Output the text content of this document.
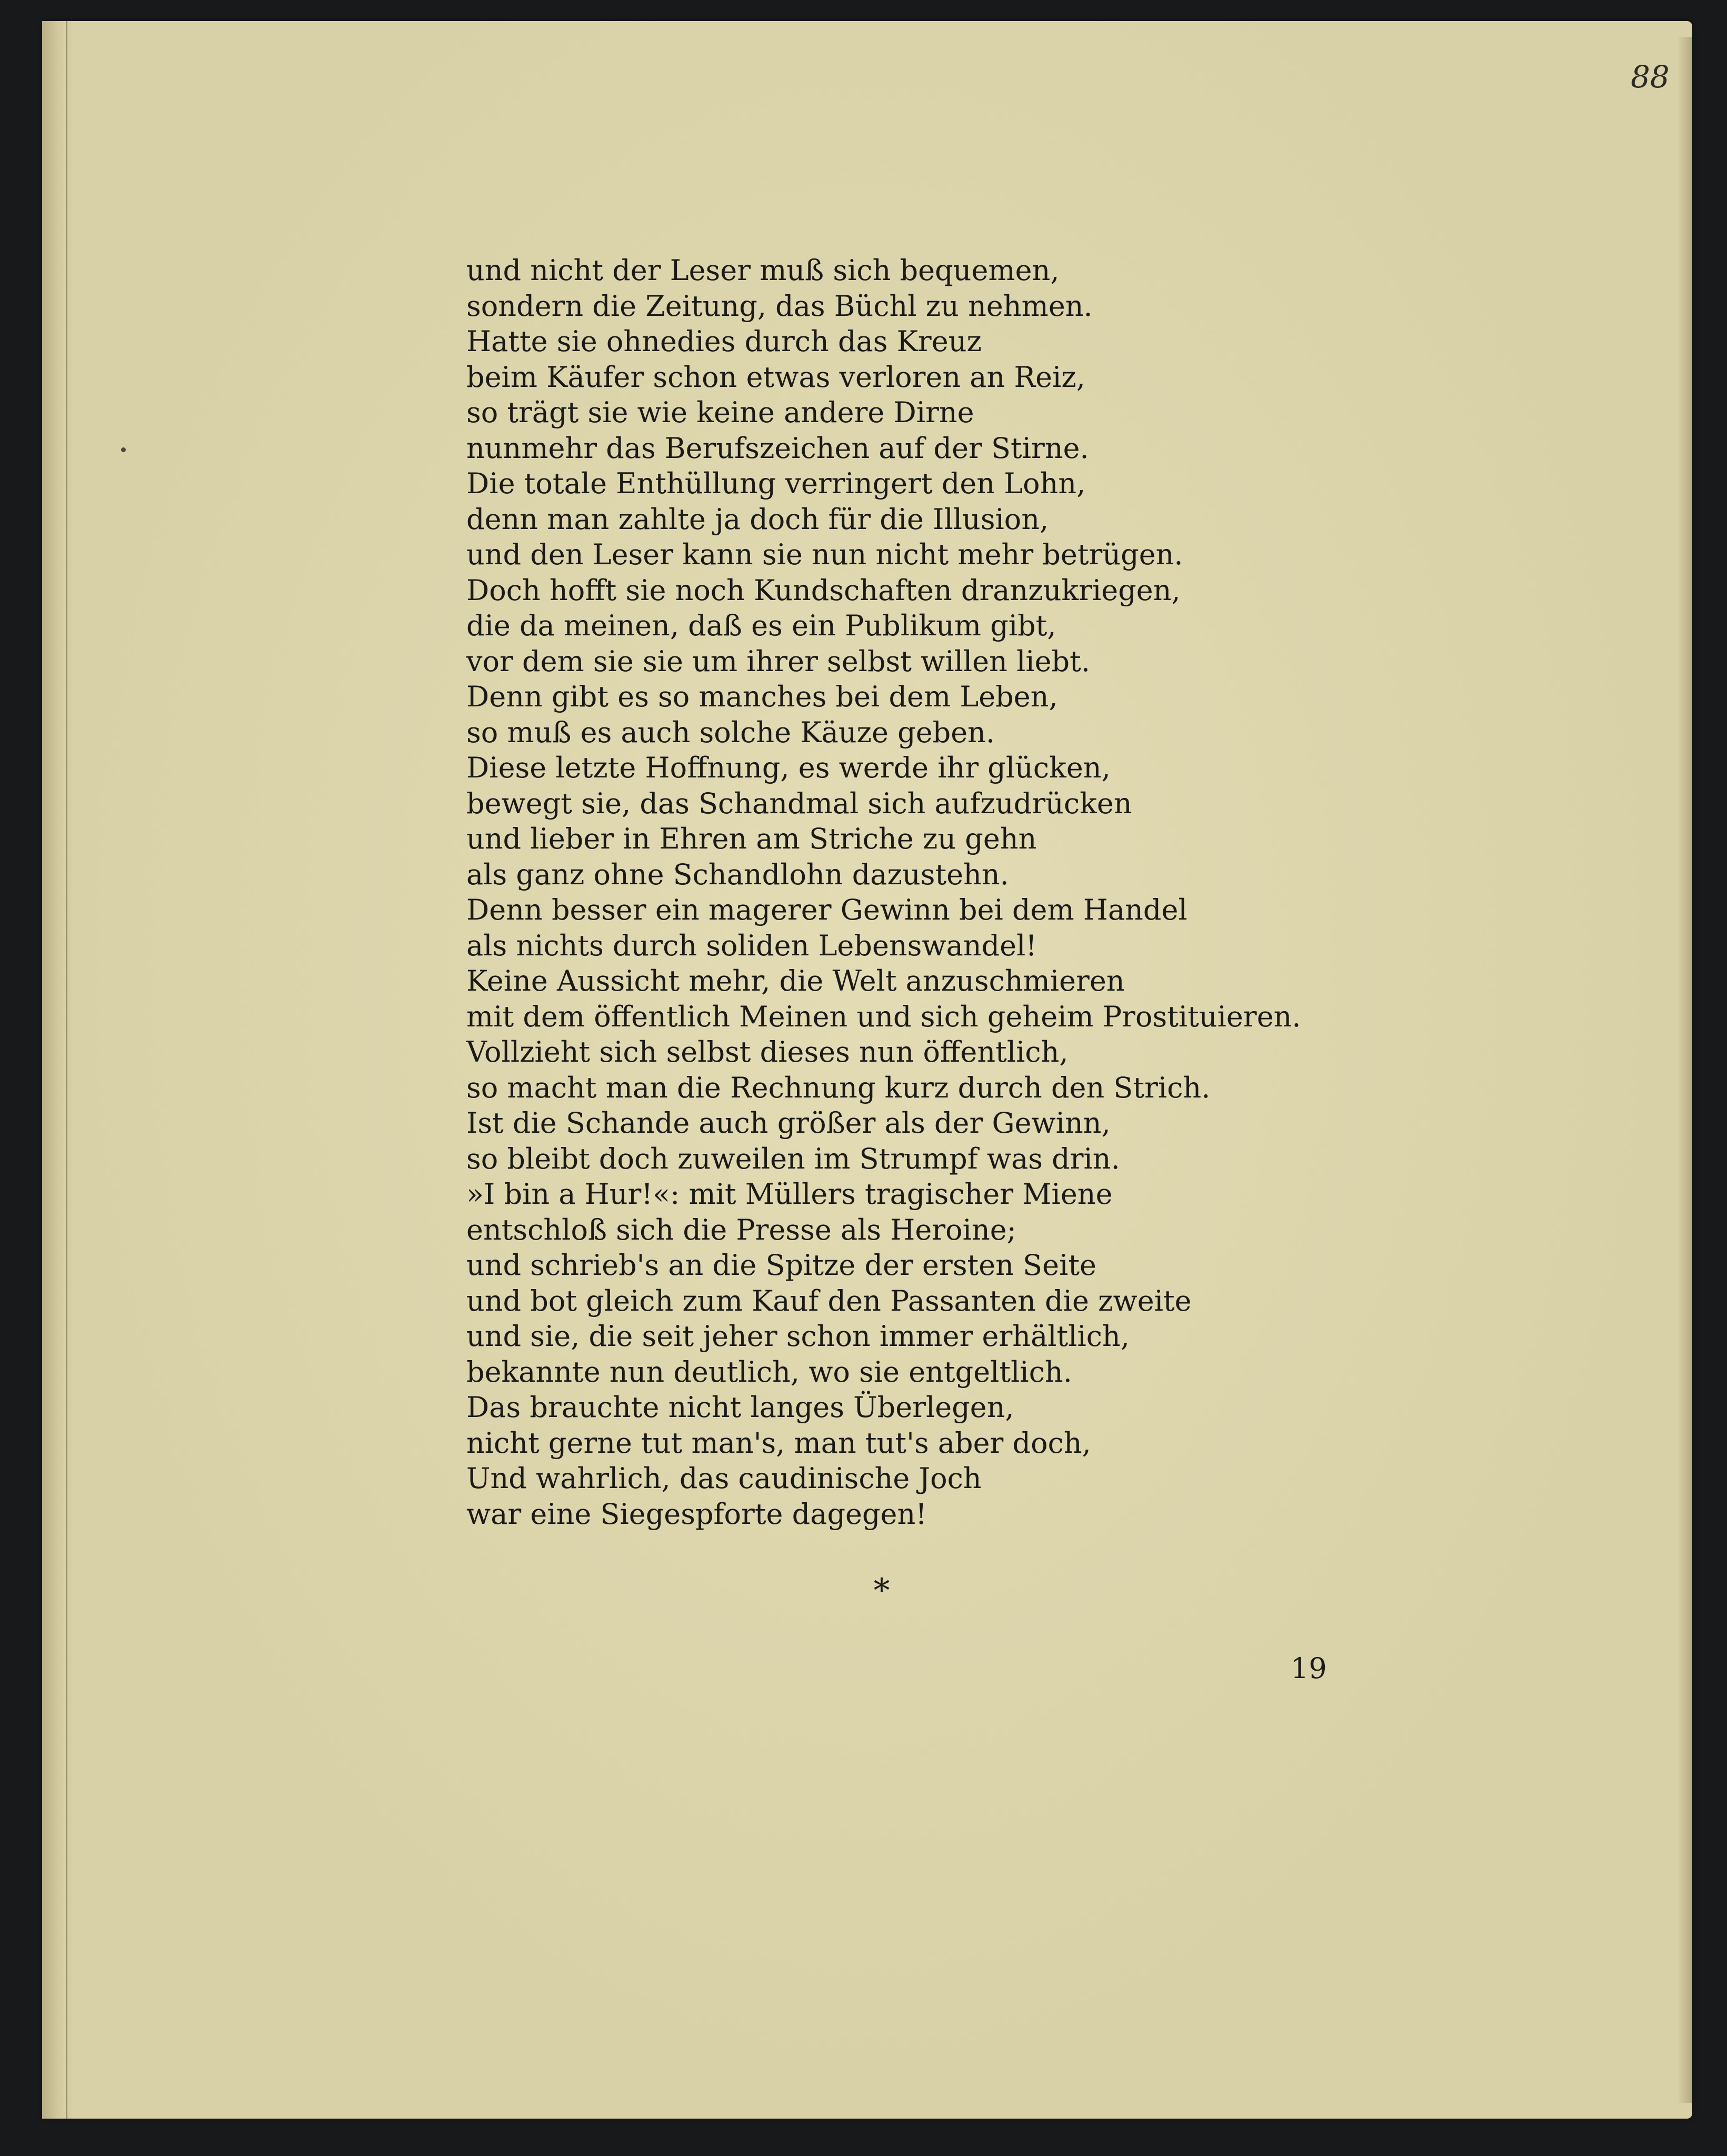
88
und nicht der Leser muß sich bequemen,
sondern die Zeitung, das Büchl zu nehmen.
Hatte sie ohnedies durch das Kreuz
beim Käufer schon etwas verloren an Reiz,
so trägt sie wie keine andere Dirne
nunmehr das Berufszeichen auf der Stirne.
Die totale Enthüllung verringert den Lohn,
denn man zahlte ja doch für die Illusion,
und den Leser kann sie nun nicht mehr betrügen.
Doch hofft sie noch Kundschaften dranzukriegen,
die da meinen, daß es ein Publikum gibt,
vor dem sie sie um ihrer selbst willen liebt.
Denn gibt es so manches bei dem Leben,
so muß es auch solche Käuze geben.
Diese letzte Hoffnung, es werde ihr glücken,
bewegt sie, das Schandmal sich aufzudrücken
und lieber in Ehren am Striche zu gehn
als ganz ohne Schandlohn dazustehn.
Denn besser ein magerer Gewinn bei dem Handel
als nichts durch soliden Lebenswandel!
Keine Aussicht mehr, die Welt anzuschmieren
mit dem öffentlich Meinen und sich geheim Prostituieren.
Vollzieht sich selbst dieses nun öffentlich,
so macht man die Rechnung kurz durch den Strich.
Ist die Schande auch größer als der Gewinn,
so bleibt doch zuweilen im Strumpf was drin.
»I bin a Hur!«: mit Müllers tragischer Miene
entschloß sich die Presse als Heroine;
und schrieb's an die Spitze der ersten Seite
und bot gleich zum Kauf den Passanten die zweite
und sie, die seit jeher schon immer erhältlich,
bekannte nun deutlich, wo sie entgeltlich.
Das brauchte nicht langes Überlegen,
nicht gerne tut man's, man tut's aber doch,
Und wahrlich, das caudinische Joch
war eine Siegespforte dagegen!
*
19
